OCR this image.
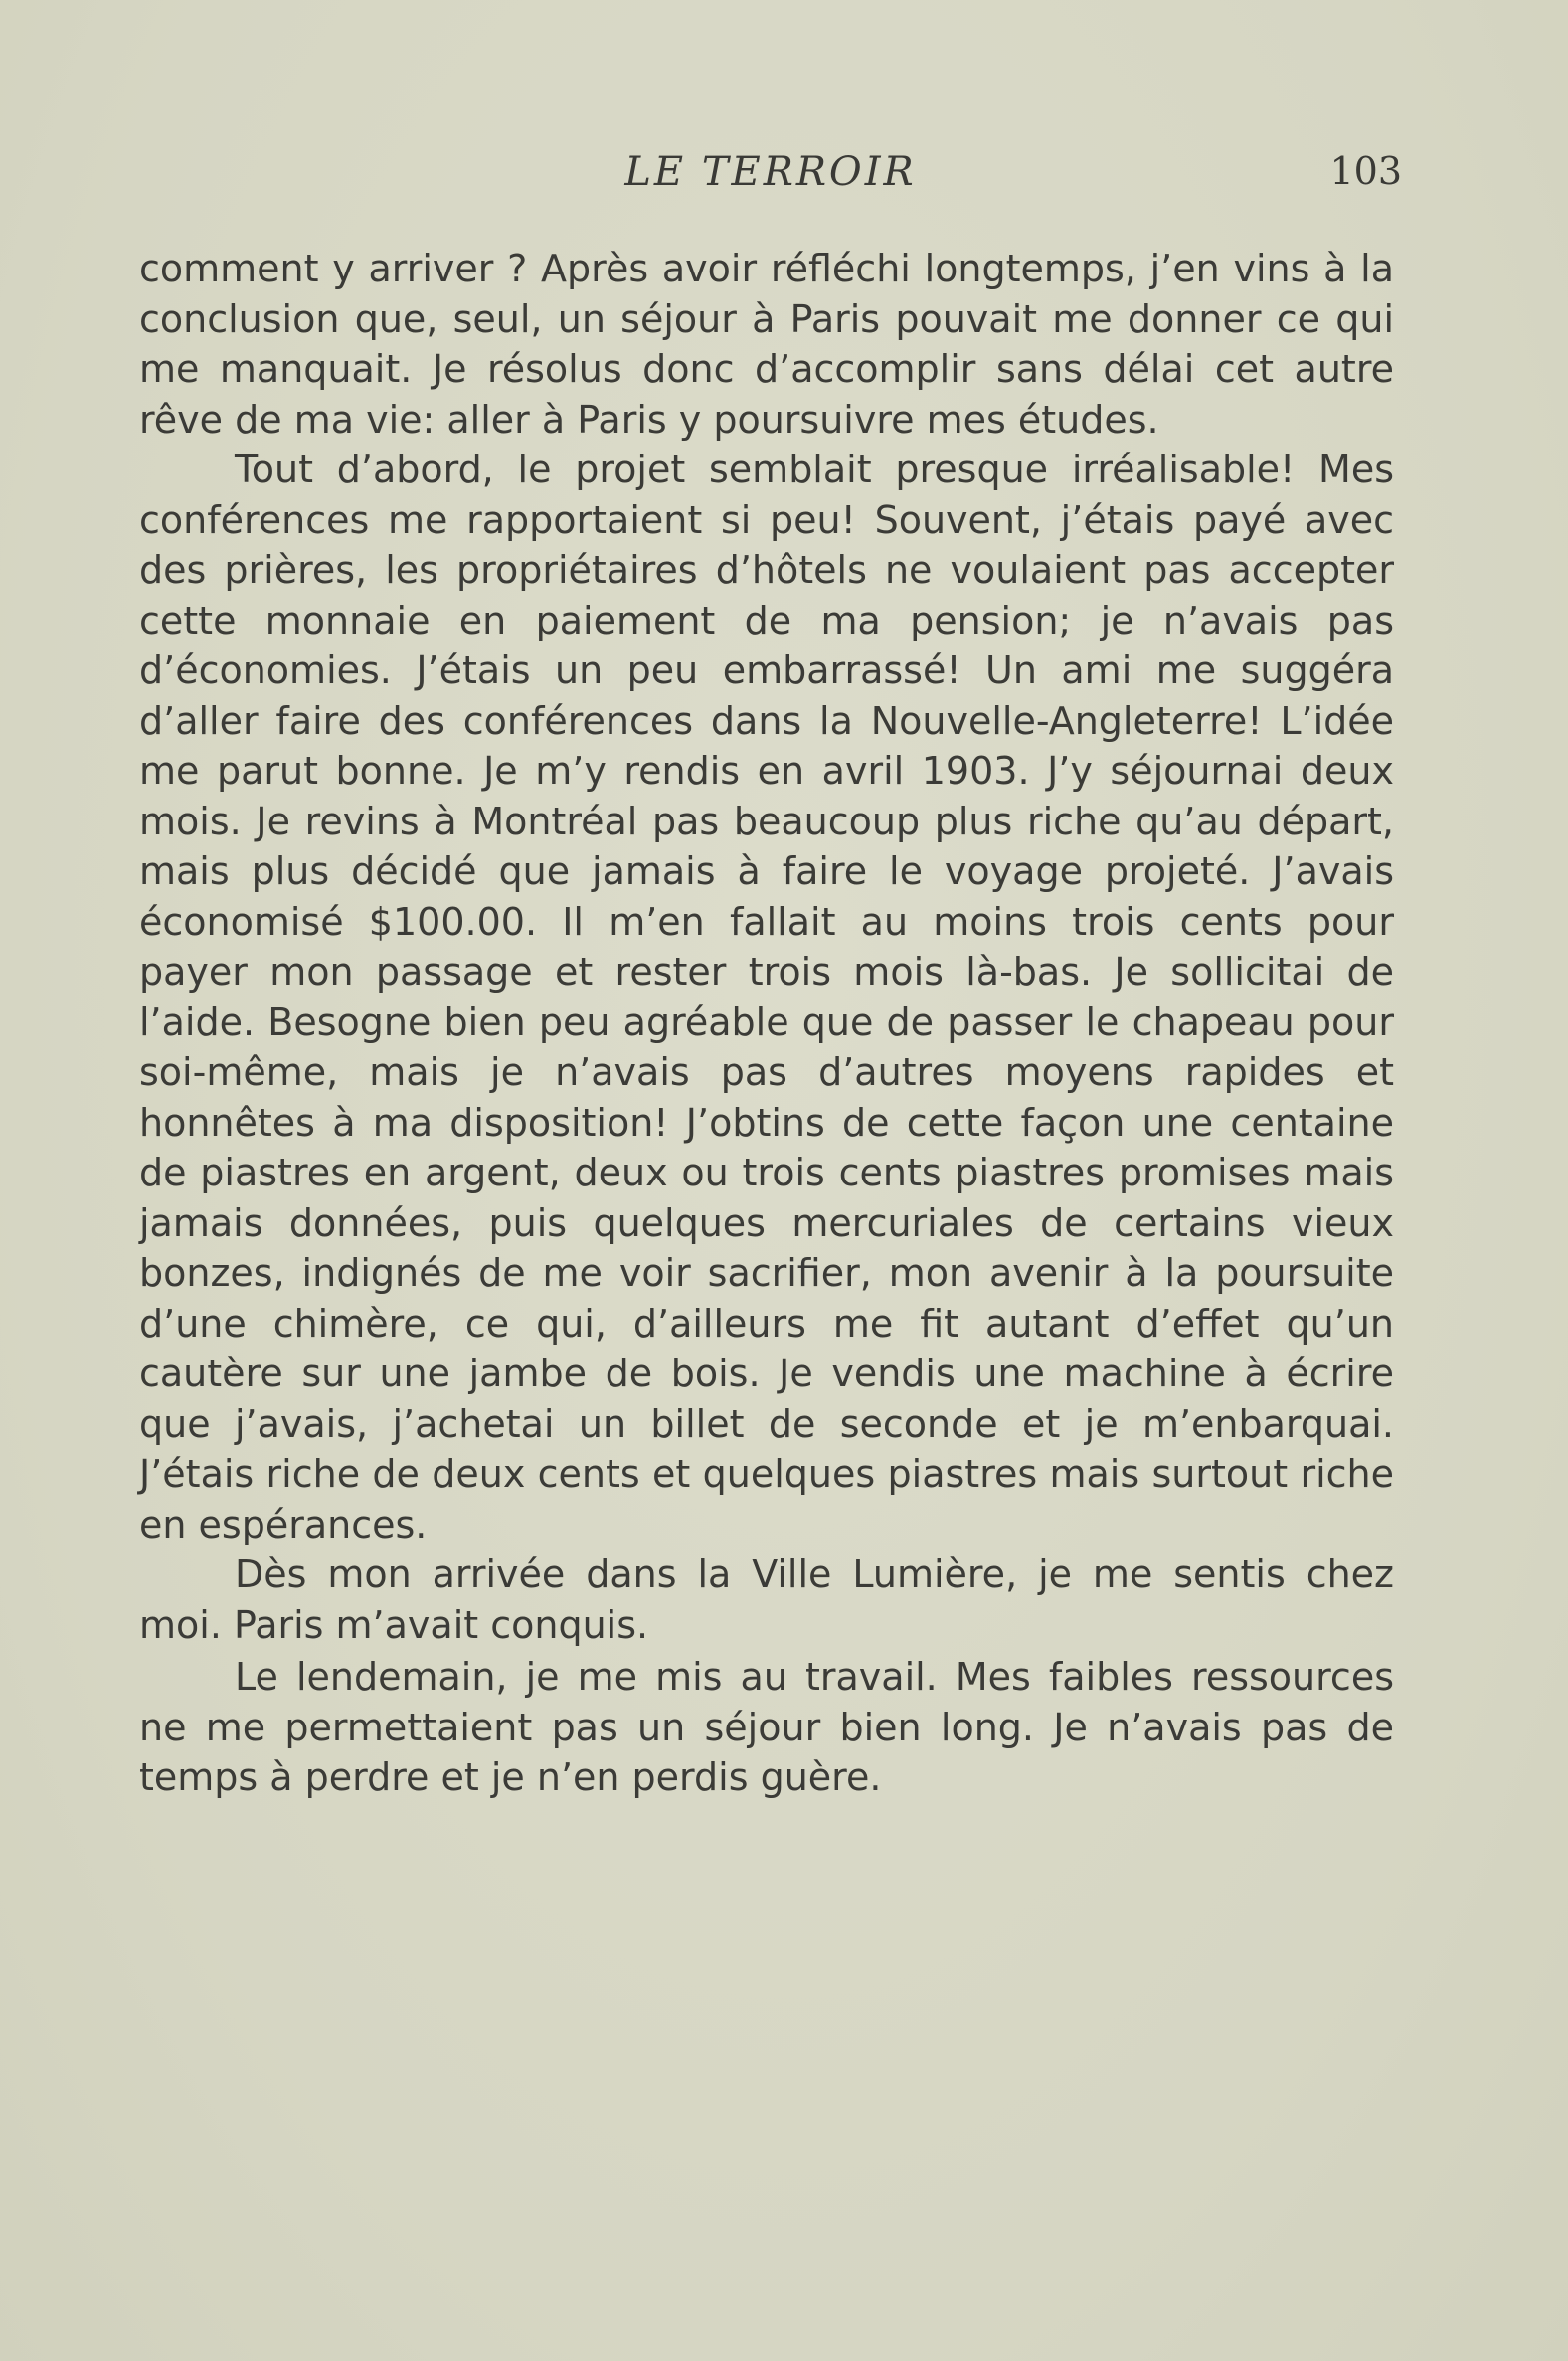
LE TERROIR	103

comment y arriver ? Après avoir réfléchi longtemps, j’en vins à la conclusion que, seul, un séjour à Paris pouvait me donner ce qui me manquait. Je résolus donc d’accomplir sans délai cet autre rêve de ma vie: aller à Paris y poursuivre mes études.

Tout d’abord, le projet semblait presque irréalisable! Mes conférences me rapportaient si peu! Souvent, j’étais payé avec des prières, les propriétaires d’hôtels ne voulaient pas accepter cette monnaie en paiement de ma pension; je n’avais pas d’économies. J’étais un peu embarrassé! Un ami me suggéra d’aller faire des conférences dans la Nouvelle-Angleterre! L’idée me parut bonne. Je m’y rendis en avril 1903. J’y séjournai deux mois. Je revins à Montréal pas beaucoup plus riche qu’au départ, mais plus décidé que jamais à faire le voyage projeté. J’avais économisé $100.00. Il m’en fallait au moins trois cents pour payer mon passage et rester trois mois là-bas. Je sollicitai de l’aide. Besogne bien peu agréable que de passer le chapeau pour soi-même, mais je n’avais pas d’autres moyens rapides et honnêtes à ma disposition! J’obtins de cette façon une centaine de piastres en argent, deux ou trois cents piastres promises mais jamais données, puis quelques mercuriales de certains vieux bonzes, indignés de me voir sacrifier, mon avenir à la poursuite d’une chimère, ce qui, d’ailleurs me fit autant d’effet qu’un cautère sur une jambe de bois. Je vendis une machine à écrire que j’avais, j’achetai un billet de seconde et je m’enbarquai. J’étais riche de deux cents et quelques piastres mais surtout riche en espérances.

Dès mon arrivée dans la Ville Lumière, je me sentis chez moi. Paris m’avait conquis.

Le lendemain, je me mis au travail. Mes faibles ressources ne me permettaient pas un séjour bien long. Je n’avais pas de temps à perdre et je n’en perdis guère.
